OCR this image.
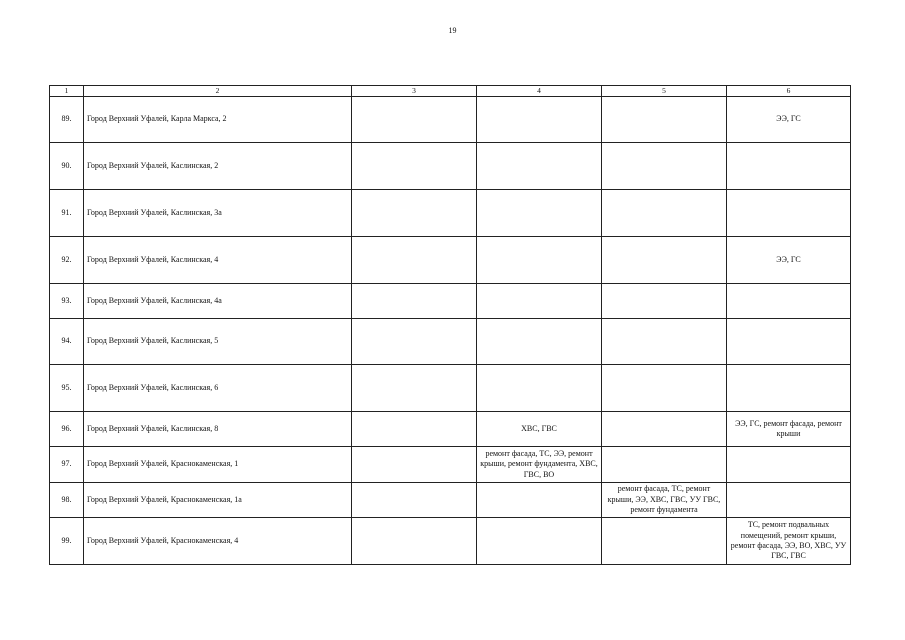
19
1	2	3	4	5	6
89.	Город Верхний Уфалей, Карла Маркса, 2				ЭЭ, ГС
90.	Город Верхний Уфалей, Каслинская, 2				
91.	Город Верхний Уфалей, Каслинская, 3а				
92.	Город Верхний Уфалей, Каслинская, 4				ЭЭ, ГС
93.	Город Верхний Уфалей, Каслинская, 4а				
94.	Город Верхний Уфалей, Каслинская, 5				
95.	Город Верхний Уфалей, Каслинская, 6				
96.	Город Верхний Уфалей, Каслинская, 8		ХВС, ГВС		ЭЭ, ГС, ремонт фасада, ремонт крыши
97.	Город Верхний Уфалей, Краснокаменская, 1		ремонт фасада, ТС, ЭЭ, ремонт крыши, ремонт фундамента, ХВС, ГВС, ВО		
98.	Город Верхний Уфалей, Краснокаменская, 1а			ремонт фасада, ТС, ремонт крыши, ЭЭ, ХВС, ГВС, УУ ГВС, ремонт фундамента	
99.	Город Верхний Уфалей, Краснокаменская, 4				ТС, ремонт подвальных помещений, ремонт крыши, ремонт фасада, ЭЭ, ВО, ХВС, УУ ГВС, ГВС
